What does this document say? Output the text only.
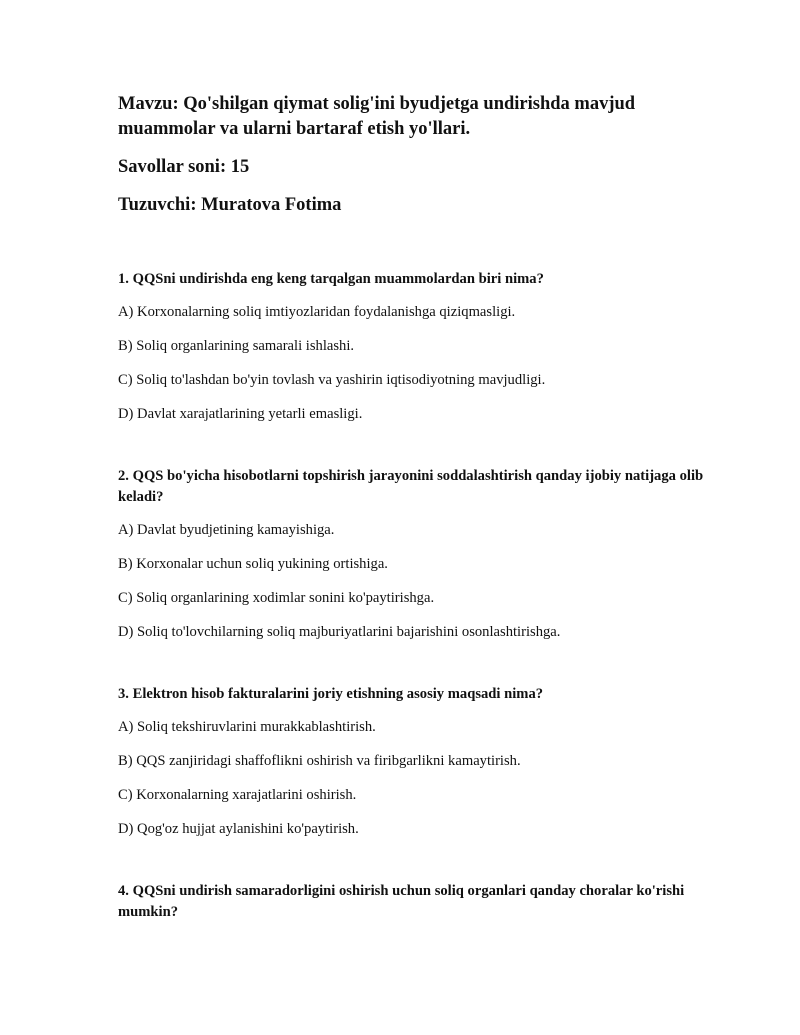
Mavzu: Qo'shilgan qiymat solig'ini byudjetga undirishda mavjud muammolar va ularni bartaraf etish yo'llari.

Savollar soni: 15

Tuzuvchi: Muratova Fotima

1. QQSni undirishda eng keng tarqalgan muammolardan biri nima?

A) Korxonalarning soliq imtiyozlaridan foydalanishga qiziqmasligi.

B) Soliq organlarining samarali ishlashi.

C) Soliq to'lashdan bo'yin tovlash va yashirin iqtisodiyotning mavjudligi.

D) Davlat xarajatlarining yetarli emasligi.

2. QQS bo'yicha hisobotlarni topshirish jarayonini soddalashtirish qanday ijobiy natijaga olib keladi?

A) Davlat byudjetining kamayishiga.

B) Korxonalar uchun soliq yukining ortishiga.

C) Soliq organlarining xodimlar sonini ko'paytirishga.

D) Soliq to'lovchilarning soliq majburiyatlarini bajarishini osonlashtirishga.

3. Elektron hisob fakturalarini joriy etishning asosiy maqsadi nima?

A) Soliq tekshiruvlarini murakkablashtirish.

B) QQS zanjiridagi shaffoflikni oshirish va firibgarlikni kamaytirish.

C) Korxonalarning xarajatlarini oshirish.

D) Qog'oz hujjat aylanishini ko'paytirish.

4. QQSni undirish samaradorligini oshirish uchun soliq organlari qanday choralar ko'rishi mumkin?
